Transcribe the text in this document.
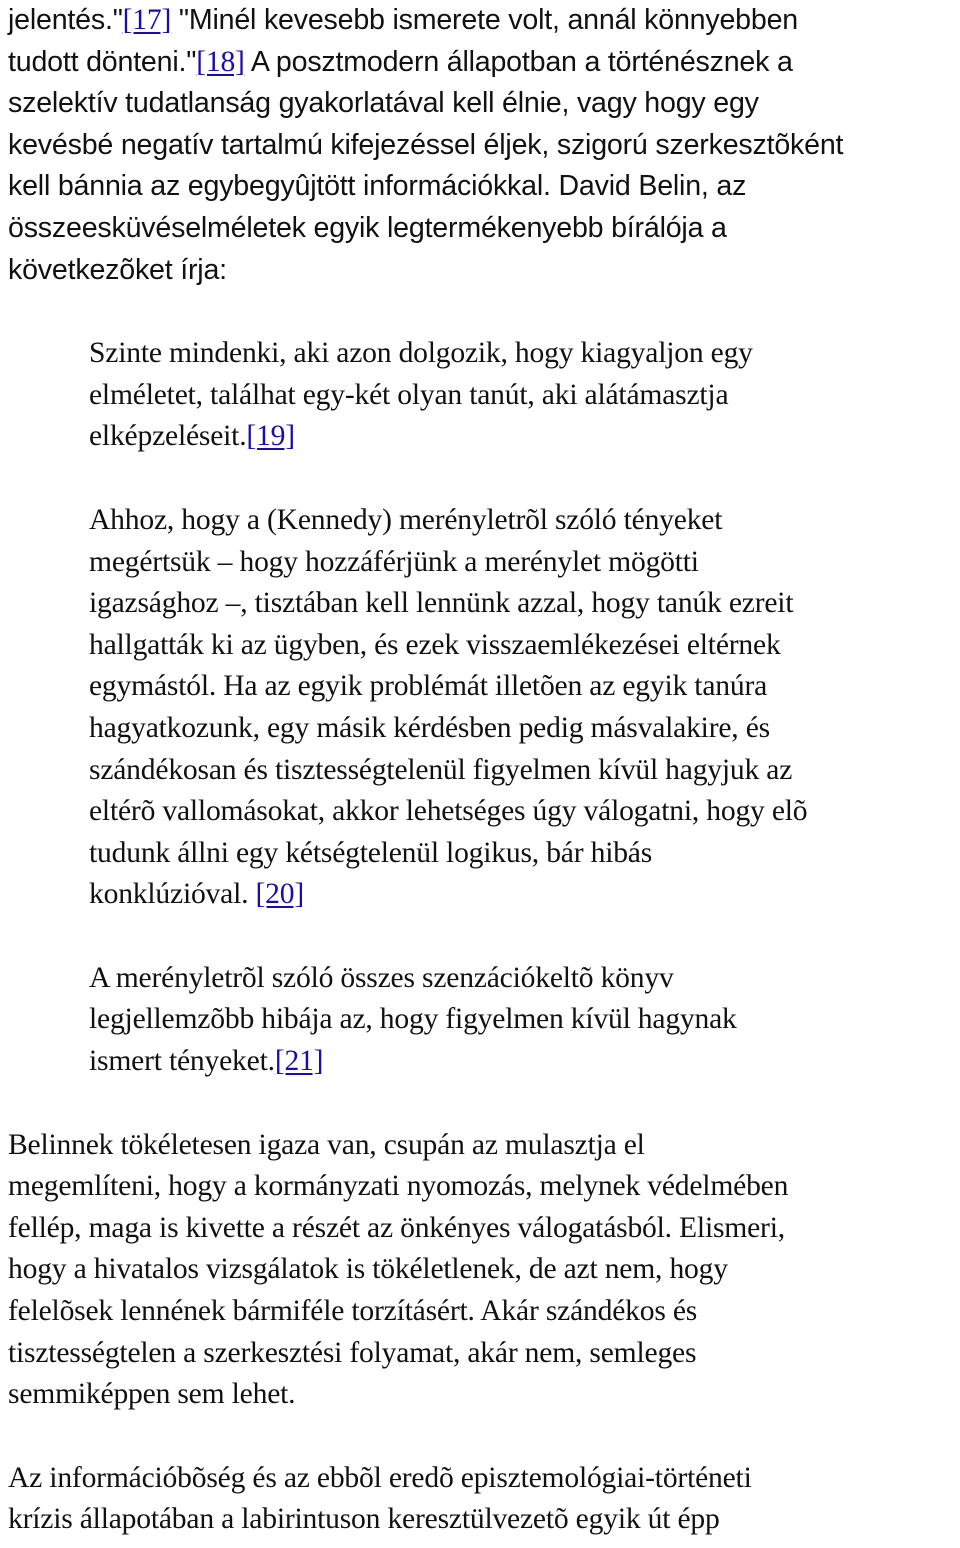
jelentés."[17] "Minél kevesebb ismerete volt, annál könnyebben
tudott dönteni."[18] A posztmodern állapotban a történésznek a
szelektív tudatlanság gyakorlatával kell élnie, vagy hogy egy
kevésbé negatív tartalmú kifejezéssel éljek, szigorú szerkesztõként
kell bánnia az egybegyûjtött információkkal. David Belin, az
összeesküvéselméletek egyik legtermékenyebb bírálója a
következõket írja:

Szinte mindenki, aki azon dolgozik, hogy kiagyaljon egy
elméletet, találhat egy-két olyan tanút, aki alátámasztja
elképzeléseit.[19]
Ahhoz, hogy a (Kennedy) merényletrõl szóló tényeket
megértsük – hogy hozzáférjünk a merénylet mögötti
igazsághoz –, tisztában kell lennünk azzal, hogy tanúk ezreit
hallgatták ki az ügyben, és ezek visszaemlékezései eltérnek
egymástól. Ha az egyik problémát illetõen az egyik tanúra
hagyatkozunk, egy másik kérdésben pedig másvalakire, és
szándékosan és tisztességtelenül figyelmen kívül hagyjuk az
eltérõ vallomásokat, akkor lehetséges úgy válogatni, hogy elõ
tudunk állni egy kétségtelenül logikus, bár hibás
konklúzióval. [20]
A merényletrõl szóló összes szenzációkeltõ könyv
legjellemzõbb hibája az, hogy figyelmen kívül hagynak
ismert tényeket.[21]

Belinnek tökéletesen igaza van, csupán az mulasztja el
megemlíteni, hogy a kormányzati nyomozás, melynek védelmében
fellép, maga is kivette a részét az önkényes válogatásból. Elismeri,
hogy a hivatalos vizsgálatok is tökéletlenek, de azt nem, hogy
felelõsek lennének bármiféle torzításért. Akár szándékos és
tisztességtelen a szerkesztési folyamat, akár nem, semleges
semmiképpen sem lehet.

Az információbõség és az ebbõl eredõ episztemológiai-történeti
krízis állapotában a labirintuson keresztülvezetõ egyik út épp
